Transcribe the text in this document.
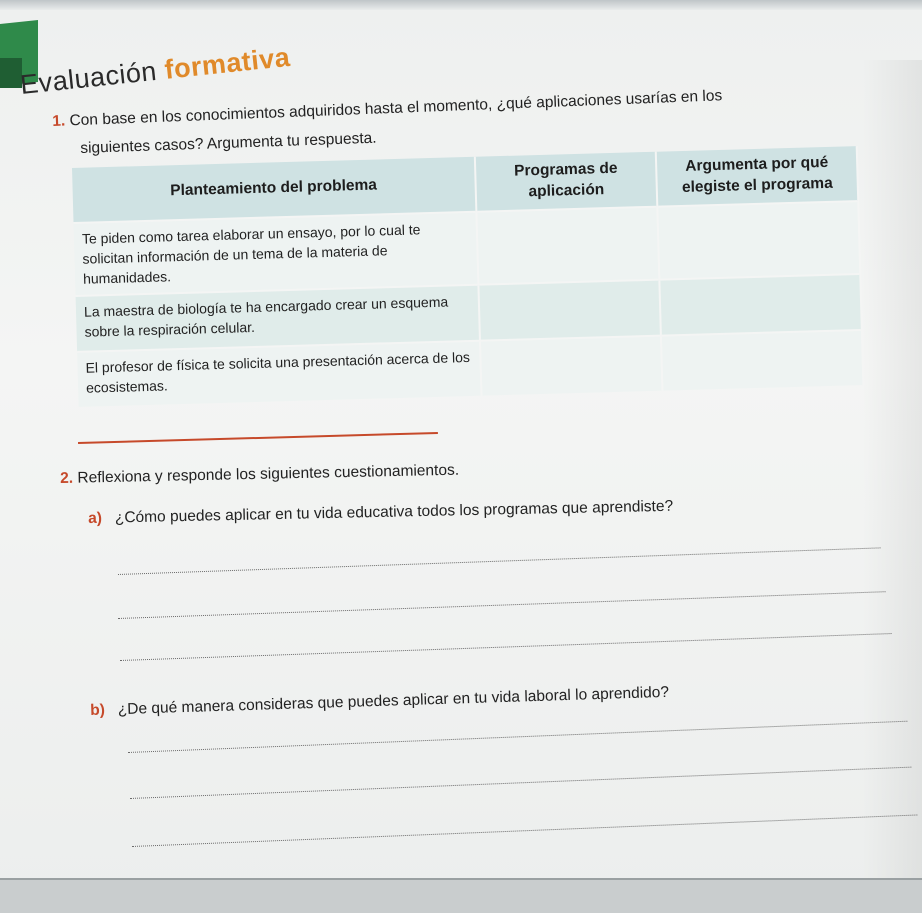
Evaluación formativa
1. Con base en los conocimientos adquiridos hasta el momento, ¿qué aplicaciones usarías en los
siguientes casos? Argumenta tu respuesta.
Planteamiento del problema	Programas de aplicación	Argumenta por qué elegiste el programa
Te piden como tarea elaborar un ensayo, por lo cual te solicitan información de un tema de la materia de humanidades.		
La maestra de biología te ha encargado crear un esquema sobre la respiración celular.		
El profesor de física te solicita una presentación acerca de los ecosistemas.		
2. Reflexiona y responde los siguientes cuestionamientos.
a) ¿Cómo puedes aplicar en tu vida educativa todos los programas que aprendiste?
b) ¿De qué manera consideras que puedes aplicar en tu vida laboral lo aprendido?
